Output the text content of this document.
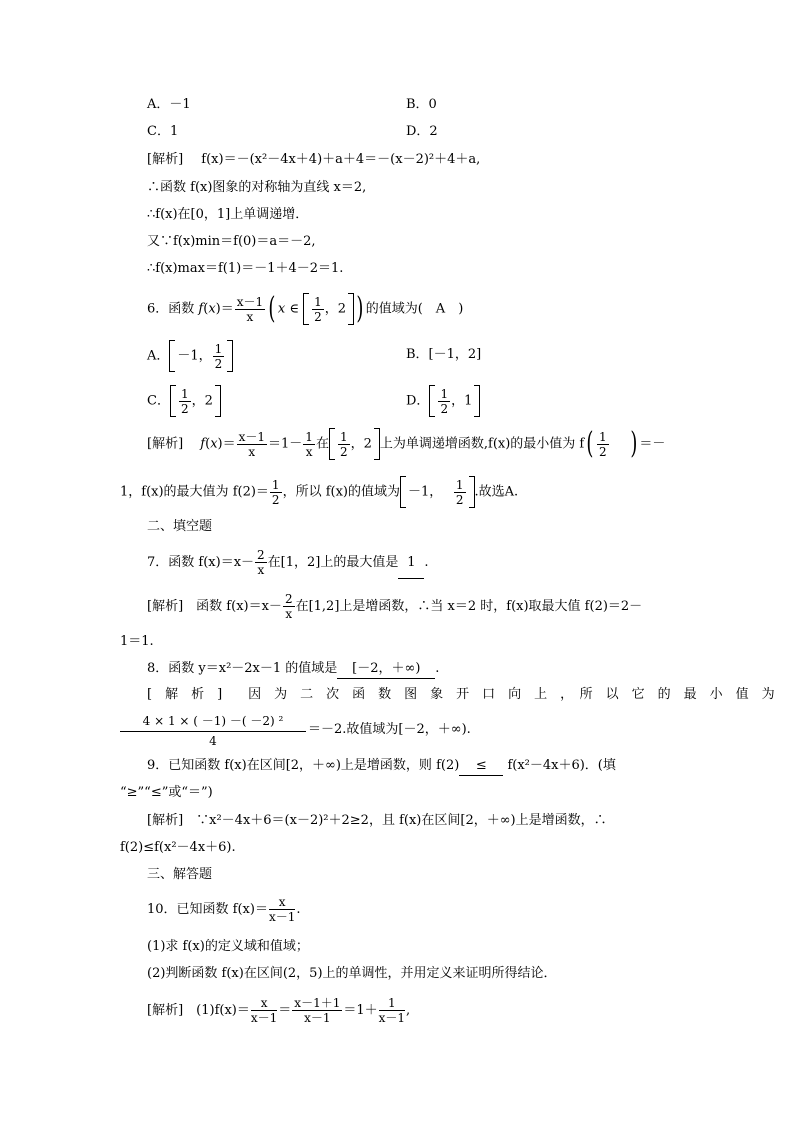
A．－1	B．0
C．1	D．2
[解析] f(x)＝－(x²－4x＋4)＋a＋4＝－(x－2)²＋4＋a,
∴函数 f(x)图象的对称轴为直线 x＝2,
∴f(x)在[0，1]上单调递增．
又∵f(x)min＝f(0)＝a＝－2,
∴f(x)max＝f(1)＝－1＋4－2＝1.
6．函数 $f(x)= \frac{x-1}{x}$ ( x ∈ $\frac{1}{2}$ ，2 ) 的值域为(　A　)
A． －1， $\frac{1}{2}$	B．[－1，2]
C． $\frac{1}{2}$ ，2	D． $\frac{1}{2}$ ，1
[解析]　 $f(x)= \frac{x-1}{x} =1- \frac{1}{x}$ 在 $\frac{1}{2}$ ，2 上为单调递增函数,f(x)的最小值为 $f( \frac{1}{2}$ ) ＝－
1，f(x)的最大值为 $f(2)= \frac{1}{2}$ ，所以 f(x)的值域为 －1，　 $\frac{1}{2}$ .故选A.
二、填空题
7．函数 $f(x)=x- \frac{2}{x}$ 在[1，2]上的最大值是 1 .
[解析]　 函数 $f(x)=x- \frac{2}{x}$ 在[1,2]上是增函数，∴当 x＝2 时，f(x)取最大值 f(2)＝2－
1＝1.
8．函数 y＝x²－2x－1 的值域是 [－2，＋∞) .
[　解　析　]　　因　为　二　次　函　数　图　象　开　口　向　上　，　所　以　它　的　最　小　值　为
$\frac{\text{4 × 1 × ( －1) －( －2) ²}}{4} =-2$.故值域为[－2，＋∞).
9．已知函数 f(x)在区间[2，＋∞)上是增函数，则 f(2) ≤ f(x²－4x＋6)．(填
“≥”“≤”或“＝”)
[解析]　∵x²－4x＋6＝(x－2)²＋2≥2，且 f(x)在区间[2，＋∞)上是增函数，∴
f(2)≤f(x²－4x＋6).
三、解答题
10．已知函数 $f(x)= \frac{x}{x-1}$ .
(1)求 f(x)的定义域和值域；
(2)判断函数 f(x)在区间(2，5)上的单调性，并用定义来证明所得结论．
[解析]　 $(1)f(x)= \frac{x}{x-1} = \frac{x-1+1}{x-1} =1+ \frac{1}{x-1}$ ,
